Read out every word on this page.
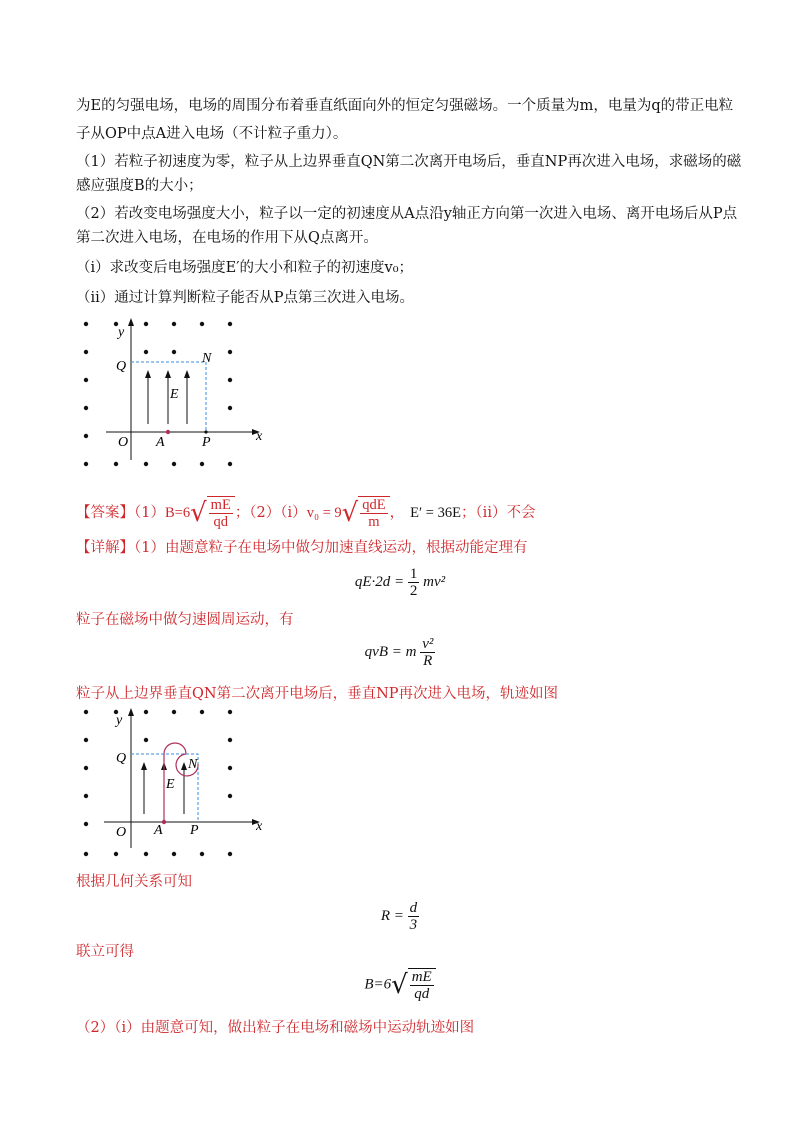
为E的匀强电场，电场的周围分布着垂直纸面向外的恒定匀强磁场。一个质量为m，电量为q的带正电粒
子从OP中点A进入电场（不计粒子重力）。
（1）若粒子初速度为零，粒子从上边界垂直QN第二次离开电场后，垂直NP再次进入电场，求磁场的磁
感应强度B的大小；
（2）若改变电场强度大小，粒子以一定的初速度从A点沿y轴正方向第一次进入电场、离开电场后从P点
第二次进入电场，在电场的作用下从Q点离开。
（i）求改变后电场强度E′的大小和粒子的初速度v₀；
（ii）通过计算判断粒子能否从P点第三次进入电场。
y
x
O A	P
Q
N
E
【答案】$(1)B=6√ \frac{mE}{qd}$ ；$(2)(i)v_0 = 9√ \frac{\text{qdE}}{m}$ ， E′ = 36E；（ii）不会
【详解】（1）由题意粒子在电场中做匀加速直线运动，根据动能定理有
$qE\cdot 2d = \frac{1}{2} mv^2$
粒子在磁场中做匀速圆周运动，有
qvB = m $\frac{\text{v²}}{R}$
粒子从上边界垂直QN第二次离开电场后，垂直NP再次进入电场，轨迹如图
y
x
O A P
Q	N
E
根据几何关系可知
$R = \frac{d}{3}$
联立可得
$B=6√ \frac{mE}{qd}$
（2）（i）由题意可知，做出粒子在电场和磁场中运动轨迹如图
